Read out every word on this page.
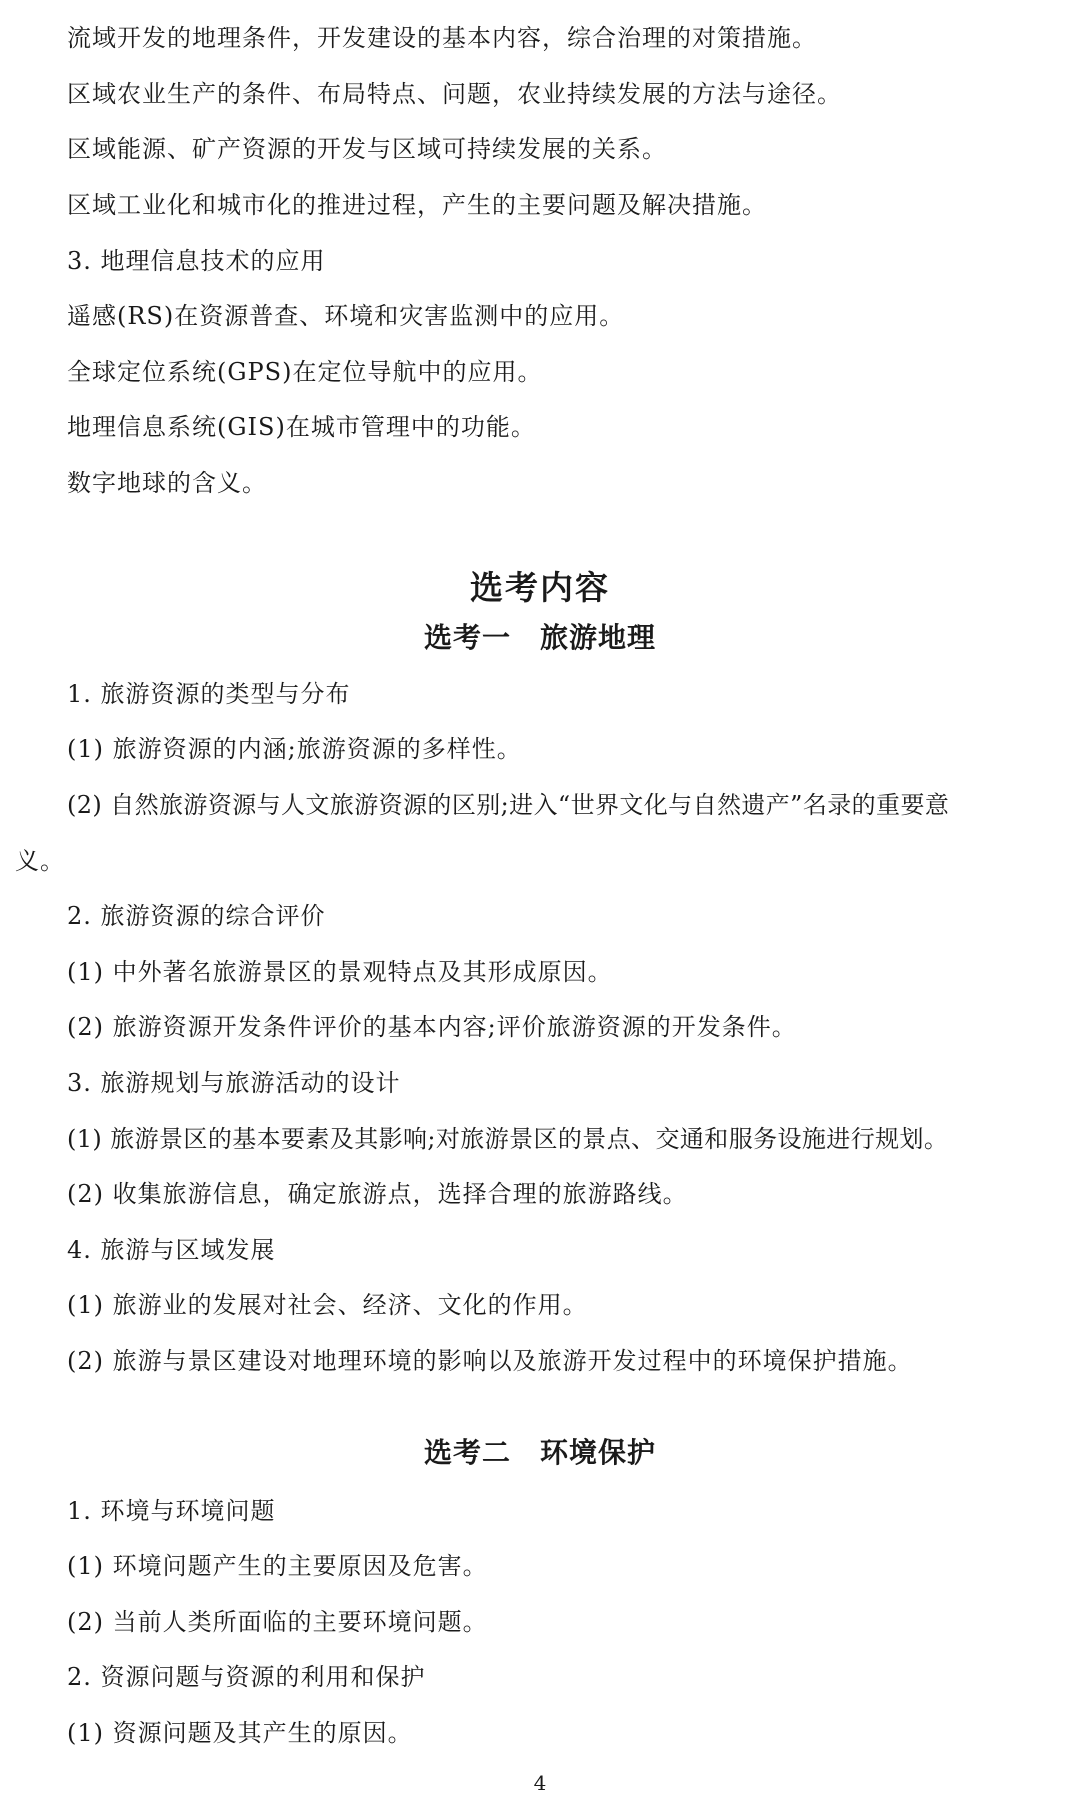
流域开发的地理条件，开发建设的基本内容，综合治理的对策措施。
区域农业生产的条件、布局特点、问题，农业持续发展的方法与途径。
区域能源、矿产资源的开发与区域可持续发展的关系。
区域工业化和城市化的推进过程，产生的主要问题及解决措施。
3. 地理信息技术的应用
遥感(RS)在资源普查、环境和灾害监测中的应用。
全球定位系统(GPS)在定位导航中的应用。
地理信息系统(GIS)在城市管理中的功能。
数字地球的含义。
选考内容
选考一　旅游地理
1. 旅游资源的类型与分布
(1) 旅游资源的内涵;旅游资源的多样性。
(2) 自然旅游资源与人文旅游资源的区别;进入“世界文化与自然遗产”名录的重要意
义。
2. 旅游资源的综合评价
(1) 中外著名旅游景区的景观特点及其形成原因。
(2) 旅游资源开发条件评价的基本内容;评价旅游资源的开发条件。
3. 旅游规划与旅游活动的设计
(1) 旅游景区的基本要素及其影响;对旅游景区的景点、交通和服务设施进行规划。
(2) 收集旅游信息，确定旅游点，选择合理的旅游路线。
4. 旅游与区域发展
(1) 旅游业的发展对社会、经济、文化的作用。
(2) 旅游与景区建设对地理环境的影响以及旅游开发过程中的环境保护措施。
选考二　环境保护
1. 环境与环境问题
(1) 环境问题产生的主要原因及危害。
(2) 当前人类所面临的主要环境问题。
2. 资源问题与资源的利用和保护
(1) 资源问题及其产生的原因。
4
